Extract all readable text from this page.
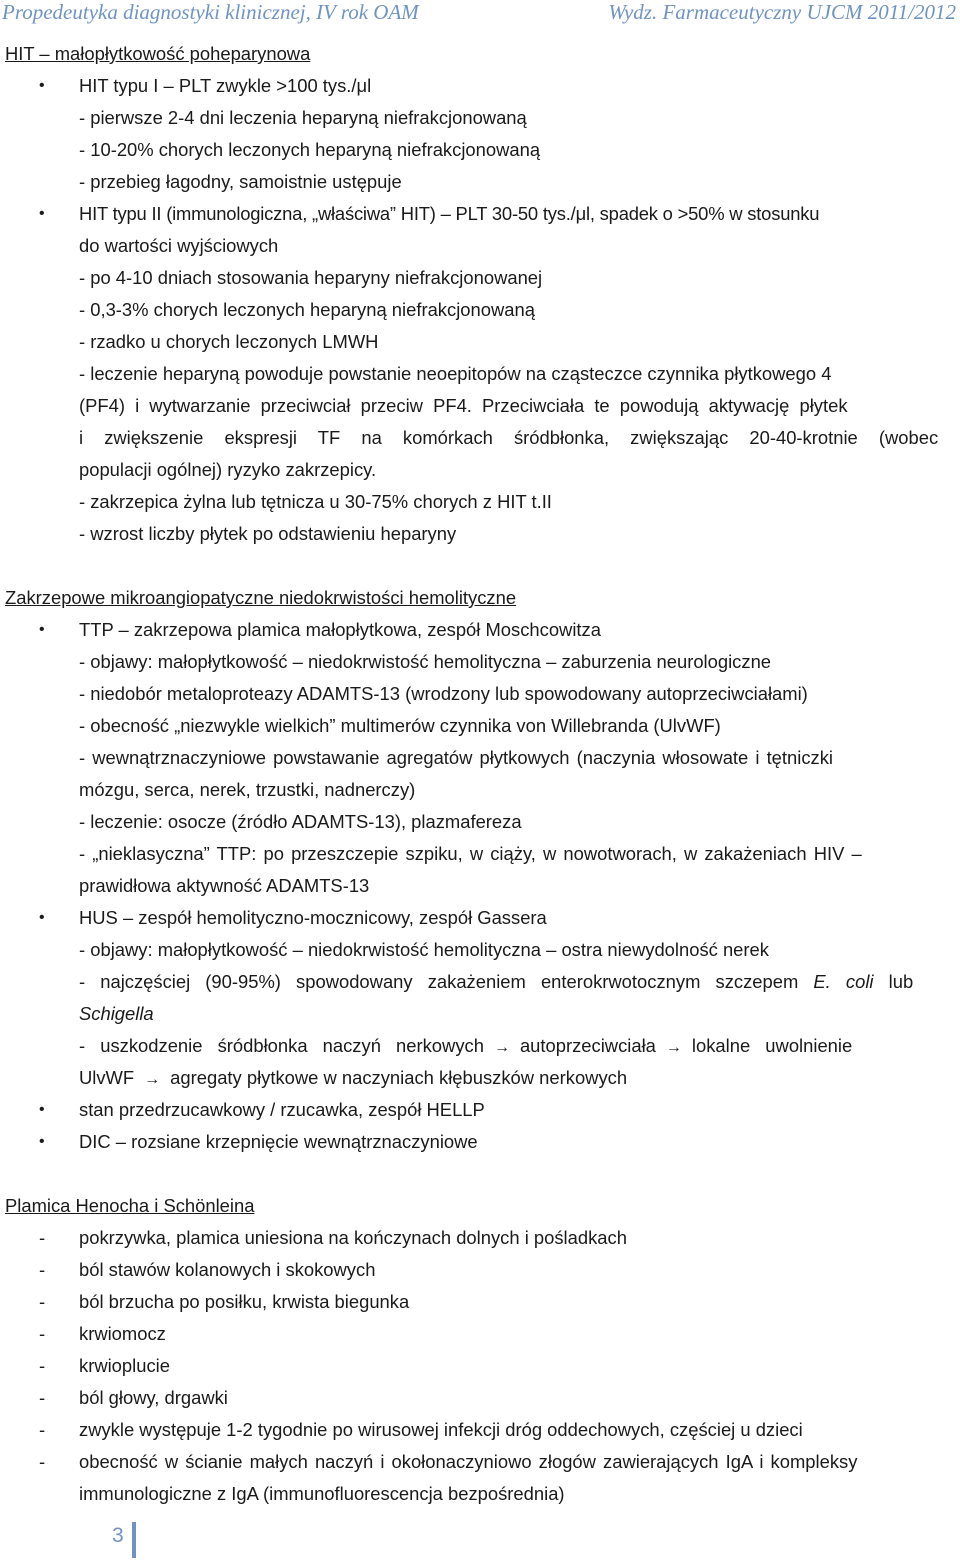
Propedeutyka diagnostyki klinicznej, IV rok OAM	Wydz. Farmaceutyczny UJCM 2011/2012
HIT – małopłytkowość poheparynowa
• HIT typu I – PLT zwykle >100 tys./μl
- pierwsze 2-4 dni leczenia heparyną niefrakcjonowaną
- 10-20% chorych leczonych heparyną niefrakcjonowaną
- przebieg łagodny, samoistnie ustępuje
• HIT typu II (immunologiczna, „właściwa” HIT) – PLT 30-50 tys./μl, spadek o >50% w stosunku
do wartości wyjściowych
- po 4-10 dniach stosowania heparyny niefrakcjonowanej
- 0,3-3% chorych leczonych heparyną niefrakcjonowaną
- rzadko u chorych leczonych LMWH
- leczenie heparyną powoduje powstanie neoepitopów na cząsteczce czynnika płytkowego 4
(PF4) i wytwarzanie przeciwciał przeciw PF4. Przeciwciała te powodują aktywację płytek
i zwiększenie ekspresji TF na komórkach śródbłonka, zwiększając 20-40-krotnie (wobec
populacji ogólnej) ryzyko zakrzepicy.
- zakrzepica żylna lub tętnicza u 30-75% chorych z HIT t.II
- wzrost liczby płytek po odstawieniu heparyny
Zakrzepowe mikroangiopatyczne niedokrwistości hemolityczne
• TTP – zakrzepowa plamica małopłytkowa, zespół Moschcowitza
- objawy: małopłytkowość – niedokrwistość hemolityczna – zaburzenia neurologiczne
- niedobór metaloproteazy ADAMTS-13 (wrodzony lub spowodowany autoprzeciwciałami)
- obecność „niezwykle wielkich” multimerów czynnika von Willebranda (UlvWF)
- wewnątrznaczyniowe powstawanie agregatów płytkowych (naczynia włosowate i tętniczki
mózgu, serca, nerek, trzustki, nadnerczy)
- leczenie: osocze (źródło ADAMTS-13), plazmafereza
- „nieklasyczna” TTP: po przeszczepie szpiku, w ciąży, w nowotworach, w zakażeniach HIV –
prawidłowa aktywność ADAMTS-13
• HUS – zespół hemolityczno-mocznicowy, zespół Gassera
- objawy: małopłytkowość – niedokrwistość hemolityczna – ostra niewydolność nerek
- najczęściej (90-95%) spowodowany zakażeniem enterokrwotocznym szczepem E. coli lub
Schigella
- uszkodzenie śródbłonka naczyń nerkowych → autoprzeciwciała → lokalne uwolnienie
UlvWF → agregaty płytkowe w naczyniach kłębuszków nerkowych
• stan przedrzucawkowy / rzucawka, zespół HELLP
• DIC – rozsiane krzepnięcie wewnątrznaczyniowe
Plamica Henocha i Schönleina
- pokrzywka, plamica uniesiona na kończynach dolnych i pośladkach
- ból stawów kolanowych i skokowych
- ból brzucha po posiłku, krwista biegunka
- krwiomocz
- krwioplucie
- ból głowy, drgawki
- zwykle występuje 1-2 tygodnie po wirusowej infekcji dróg oddechowych, częściej u dzieci
- obecność w ścianie małych naczyń i okołonaczyniowo złogów zawierających IgA i kompleksy
immunologiczne z IgA (immunofluorescencja bezpośrednia)
3
